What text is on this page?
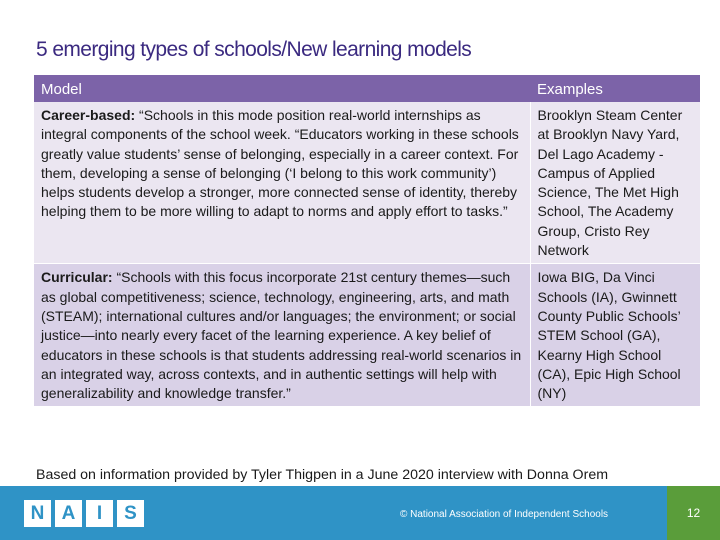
5 emerging types of schools/New learning models
Model	Examples
Career-based: “Schools in this mode position real-world internships as integral components of the school week. “Educators working in these schools greatly value students’ sense of belonging, especially in a career context. For them, developing a sense of belonging (‘I belong to this work community’) helps students develop a stronger, more connected sense of identity, thereby helping them to be more willing to adapt to norms and apply effort to tasks.”	Brooklyn Steam Center at Brooklyn Navy Yard, Del Lago Academy - Campus of Applied Science, The Met High School, The Academy Group, Cristo Rey Network
Curricular: “Schools with this focus incorporate 21st century themes—such as global competitiveness; science, technology, engineering, arts, and math (STEAM); international cultures and/or languages; the environment; or social justice—into nearly every facet of the learning experience. A key belief of educators in these schools is that students addressing real-world scenarios in an integrated way, across contexts, and in authentic settings will help with generalizability and knowledge transfer.”	Iowa BIG, Da Vinci Schools (IA), Gwinnett County Public Schools’ STEM School (GA), Kearny High School (CA), Epic High School (NY)
Based on information provided by Tyler Thigpen in a June 2020 interview with Donna Orem
N A	I	S	© National Association of Independent Schools	12
